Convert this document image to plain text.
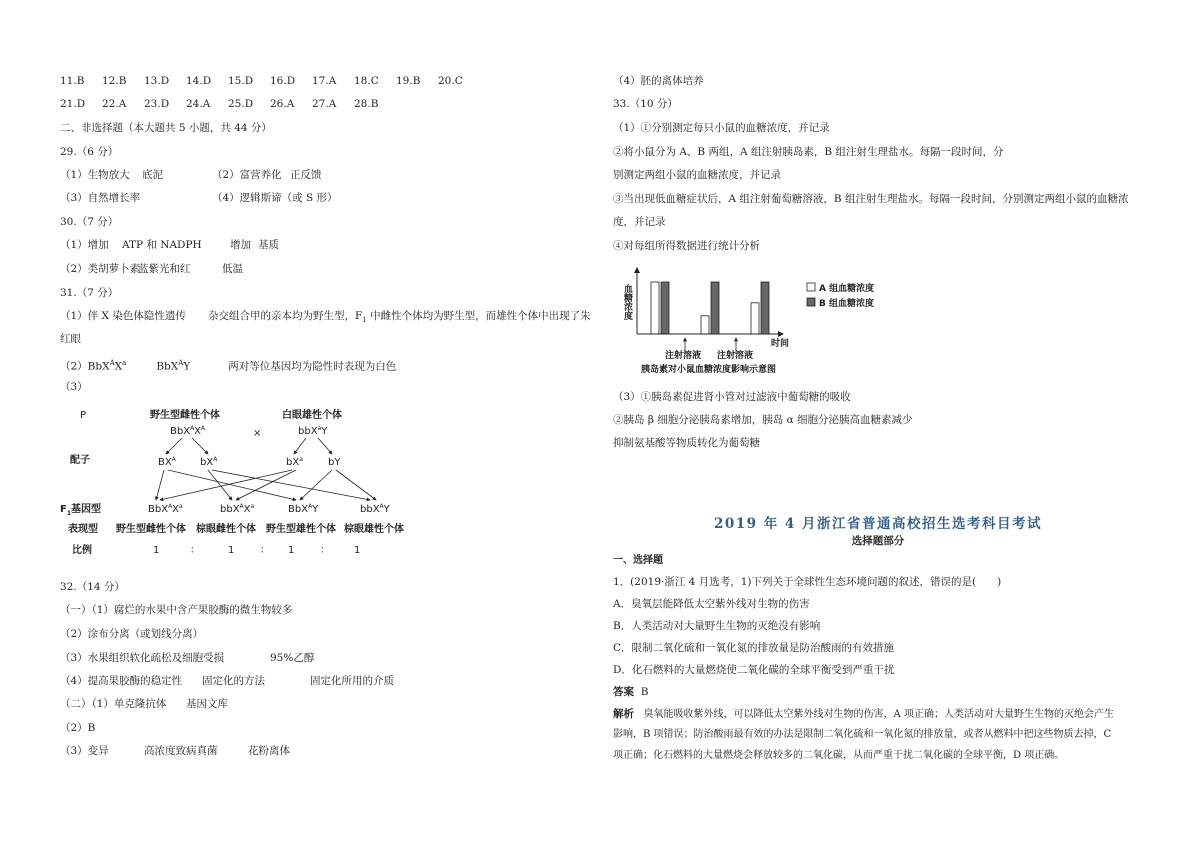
11.B 12.B 13.D 14.D 15.D 16.D 17.A 18.C 19.B 20.C
21.D 22.A 23.D 24.A 25.D 26.A 27.A 28.B
二、非选择题（本大题共 5 小题，共 44 分）
29.（6 分）
（1）生物放大 底泥	（2）富营养化 正反馈
（3）自然增长率	（4）逻辑斯谛（或 S 形）
30.（7 分）
（1）增加 ATP 和 NADPH	增加 基质
（2）类胡萝卜素蓝紫光和红	低温
31.（7 分）
（1）伴 X 染色体隐性遗传 杂交组合甲的亲本均为野生型，$F_1$ 中雌性个体均为野生型，而雄性个体中出现了朱
红眼
$(2)BbX^AX^a$	BbX$^A$Y	两对等位基因均为隐性时表现为白色
（3）
P	野生型雌性个体	白眼雄性个体
$BbX^AX^A$	×	bbX$^a$Y
配子	$BX^A$ $bX^A$	$bX^a$	bY
$F_1$基因型	$BbX^AX^a$	$bbX^AX^a$	BbX$^A$Y	bbX$^A$Y
表现型 野生型雌性个体 棕眼雌性个体 野生型雄性个体 棕眼雄性个体
比例	1	：	1	： 1	： 1
32.（14 分）
（一）（1）腐烂的水果中含产果胶酶的微生物较多
（2）涂布分离（或划线分离）
（3）水果组织软化疏松及细胞受损	95%乙醇
（4）提高果胶酶的稳定性 固定化的方法	固定化所用的介质
（二）（1）单克隆抗体 基因文库
（2）B
（3）变异	高浓度致病真菌	花粉离体
（4）胚的离体培养
33.（10 分）
（1）①分别测定每只小鼠的血糖浓度，并记录
②将小鼠分为 A、B 两组，A 组注射胰岛素，B 组注射生理盐水。每隔一段时间，分
别测定两组小鼠的血糖浓度，并记录
③当出现低血糖症状后，A 组注射葡萄糖溶液，B 组注射生理盐水。每隔一段时间，分别测定两组小鼠的血糖浓
度，并记录
④对每组所得数据进行统计分析
血糖浓度
时间
注射溶液 注射溶液
胰岛素对小鼠血糖浓度影响示意图
A 组血糖浓度
B 组血糖浓度
（3）①胰岛素促进肾小管对过滤液中葡萄糖的吸收
②胰岛 β 细胞分泌胰岛素增加，胰岛 α 细胞分泌胰高血糖素减少
抑制氨基酸等物质转化为葡萄糖
2019 年 4 月浙江省普通高校招生选考科目考试
选择题部分
一、选择题
1．(2019·浙江 4 月选考，1)下列关于全球性生态环境问题的叙述，错误的是(　　)
A．臭氧层能降低太空紫外线对生物的伤害
B．人类活动对大量野生生物的灭绝没有影响
C．限制二氧化硫和一氧化氮的排放量是防治酸雨的有效措施
D．化石燃料的大量燃烧使二氧化碳的全球平衡受到严重干扰
答案 B
解析 臭氧能吸收紫外线，可以降低太空紫外线对生物的伤害，A 项正确；人类活动对大量野生生物的灭绝会产生
影响，B 项错误；防治酸雨最有效的办法是限制二氧化硫和一氧化氮的排放量，或者从燃料中把这些物质去掉，C
项正确；化石燃料的大量燃烧会释放较多的二氧化碳，从而严重干扰二氧化碳的全球平衡，D 项正确。
